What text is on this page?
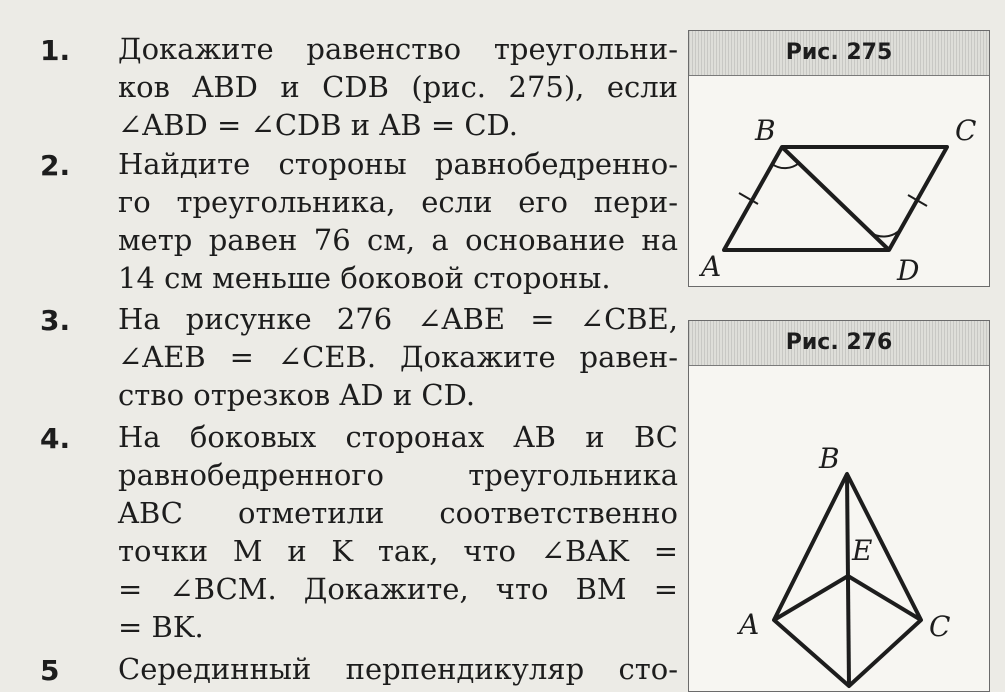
1.	Докажите равенство треугольни-
ков ABD и CDB (рис. 275), если
∠ABD = ∠CDB и AB = CD.
2.	Найдите стороны равнобедренно-
го треугольника, если его пери-
метр равен 76 см, а основание на
14 см меньше боковой стороны.
3.	На рисунке 276 ∠ABE = ∠CBE,
∠AEB = ∠CEB. Докажите равен-
ство отрезков AD и CD.
4.	На боковых сторонах AB и BC
равнобедренного треугольника
ABC отметили соответственно
точки M и K так, что ∠BAK =
= ∠BCM. Докажите, что BM =
= BK.
5	Серединный перпендикуляр сто-
Рис. 275
B	C
A	D
Рис. 276
B
E
A	C
